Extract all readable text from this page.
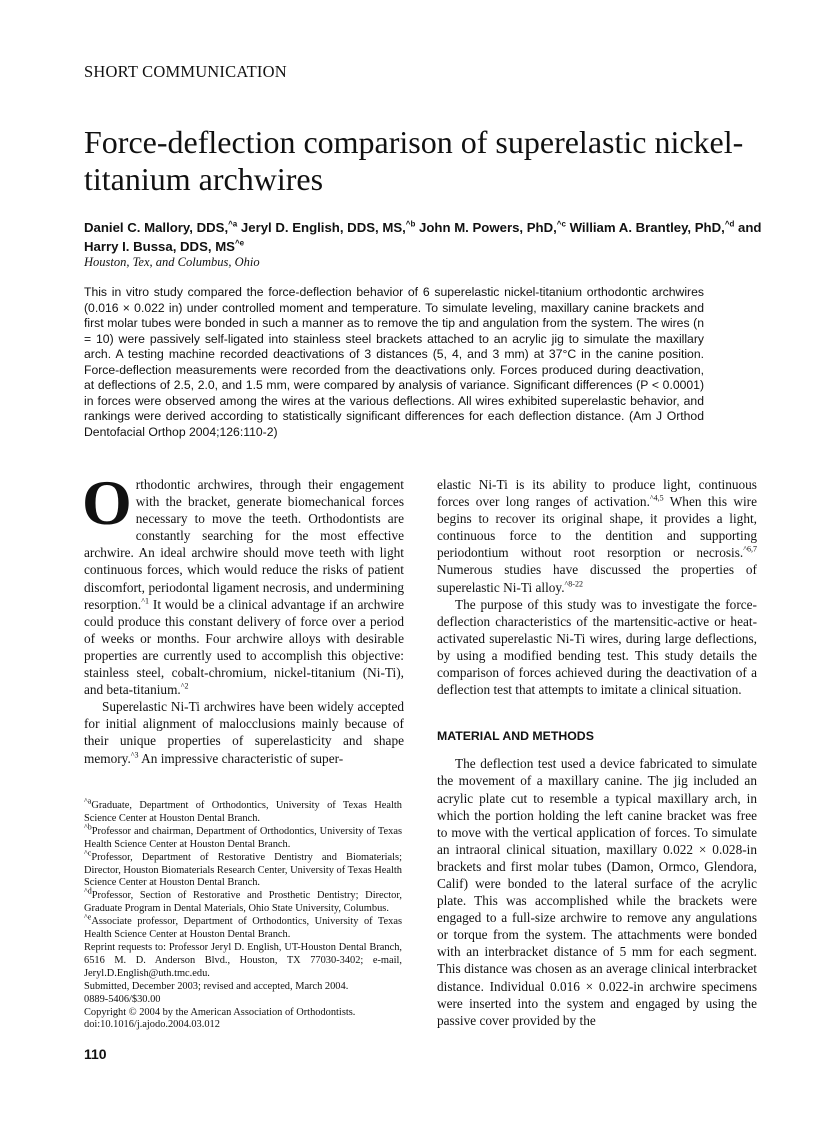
SHORT COMMUNICATION
Force-deflection comparison of superelastic nickel-titanium archwires
Daniel C. Mallory, DDS,$^{\^{}a}$ Jeryl D. English, DDS, MS,$^{\^{}b}$ John M. Powers, PhD,$^{\^{}c}$ William A. Brantley, PhD,$^{\^{}d}$ and Harry I. Bussa, DDS, $MS^{\^{}e}$
Houston, Tex, and Columbus, Ohio
This in vitro study compared the force-deflection behavior of 6 superelastic nickel-titanium orthodontic archwires (0.016 × 0.022 in) under controlled moment and temperature. To simulate leveling, maxillary canine brackets and first molar tubes were bonded in such a manner as to remove the tip and angulation from the system. The wires (n = 10) were passively self-ligated into stainless steel brackets attached to an acrylic jig to simulate the maxillary arch. A testing machine recorded deactivations of 3 distances (5, 4, and 3 mm) at 37°C in the canine position. Force-deflection measurements were recorded from the deactivations only. Forces produced during deactivation, at deflections of 2.5, 2.0, and 1.5 mm, were compared by analysis of variance. Significant differences (P < 0.0001) in forces were observed among the wires at the various deflections. All wires exhibited superelastic behavior, and rankings were derived according to statistically significant differences for each deflection distance. (Am J Orthod Dentofacial Orthop 2004;126:110-2)

Orthodontic archwires, through their engagement with the bracket, generate biomechanical forces necessary to move the teeth. Orthodontists are constantly searching for the most effective archwire. An ideal archwire should move teeth with light continuous forces, which would reduce the risks of patient discomfort, periodontal ligament necrosis, and undermining resorption.$^{\^{}1}$ It would be a clinical advantage if an archwire could produce this constant delivery of force over a period of weeks or months. Four archwire alloys with desirable properties are currently used to accomplish this objective: stainless steel, cobalt-chromium, nickel-titanium (Ni-Ti), and beta-titanium.$^{\^{}2}$

Superelastic Ni-Ti archwires have been widely accepted for initial alignment of malocclusions mainly because of their unique properties of superelasticity and shape memory.$^{\^{}3}$ An impressive characteristic of super-

elastic Ni-Ti is its ability to produce light, continuous forces over long ranges of activation.$^{\^{}4,5}$ When this wire begins to recover its original shape, it provides a light, continuous force to the dentition and supporting periodontium without root resorption or necrosis.$^{\^{}6,7}$ Numerous studies have discussed the properties of superelastic Ni-Ti alloy.$^{\^{}8-22}$

The purpose of this study was to investigate the force-deflection characteristics of the martensitic-active or heat-activated superelastic Ni-Ti wires, during large deflections, by using a modified bending test. This study details the comparison of forces achieved during the deactivation of a deflection test that attempts to imitate a clinical situation.

MATERIAL AND METHODS

The deflection test used a device fabricated to simulate the movement of a maxillary canine. The jig included an acrylic plate cut to resemble a typical maxillary arch, in which the portion holding the left canine bracket was free to move with the vertical application of forces. To simulate an intraoral clinical situation, maxillary 0.022 × 0.028-in brackets and first molar tubes (Damon, Ormco, Glendora, Calif) were bonded to the lateral surface of the acrylic plate. This was accomplished while the brackets were engaged to a full-size archwire to remove any angulations or torque from the system. The attachments were bonded with an interbracket distance of 5 mm for each segment. This distance was chosen as an average clinical interbracket distance. Individual 0.016 × 0.022-in archwire specimens were inserted into the system and engaged by using the passive cover provided by the

$^{\^{}a}$Graduate, Department of Orthodontics, University of Texas Health Science Center at Houston Dental Branch.
$^{\^{}b}$Professor and chairman, Department of Orthodontics, University of Texas Health Science Center at Houston Dental Branch.
$^{\^{}c}$Professor, Department of Restorative Dentistry and Biomaterials; Director, Houston Biomaterials Research Center, University of Texas Health Science Center at Houston Dental Branch.
$^{\^{}d}$Professor, Section of Restorative and Prosthetic Dentistry; Director, Graduate Program in Dental Materials, Ohio State University, Columbus.
$^{\^{}e}$Associate professor, Department of Orthodontics, University of Texas Health Science Center at Houston Dental Branch.
Reprint requests to: Professor Jeryl D. English, UT-Houston Dental Branch, 6516 M. D. Anderson Blvd., Houston, TX 77030-3402; e-mail, Jeryl.D.English@uth.tmc.edu.
Submitted, December 2003; revised and accepted, March 2004.
0889-5406/$30.00
Copyright © 2004 by the American Association of Orthodontists.
doi:10.1016/j.ajodo.2004.03.012
110
